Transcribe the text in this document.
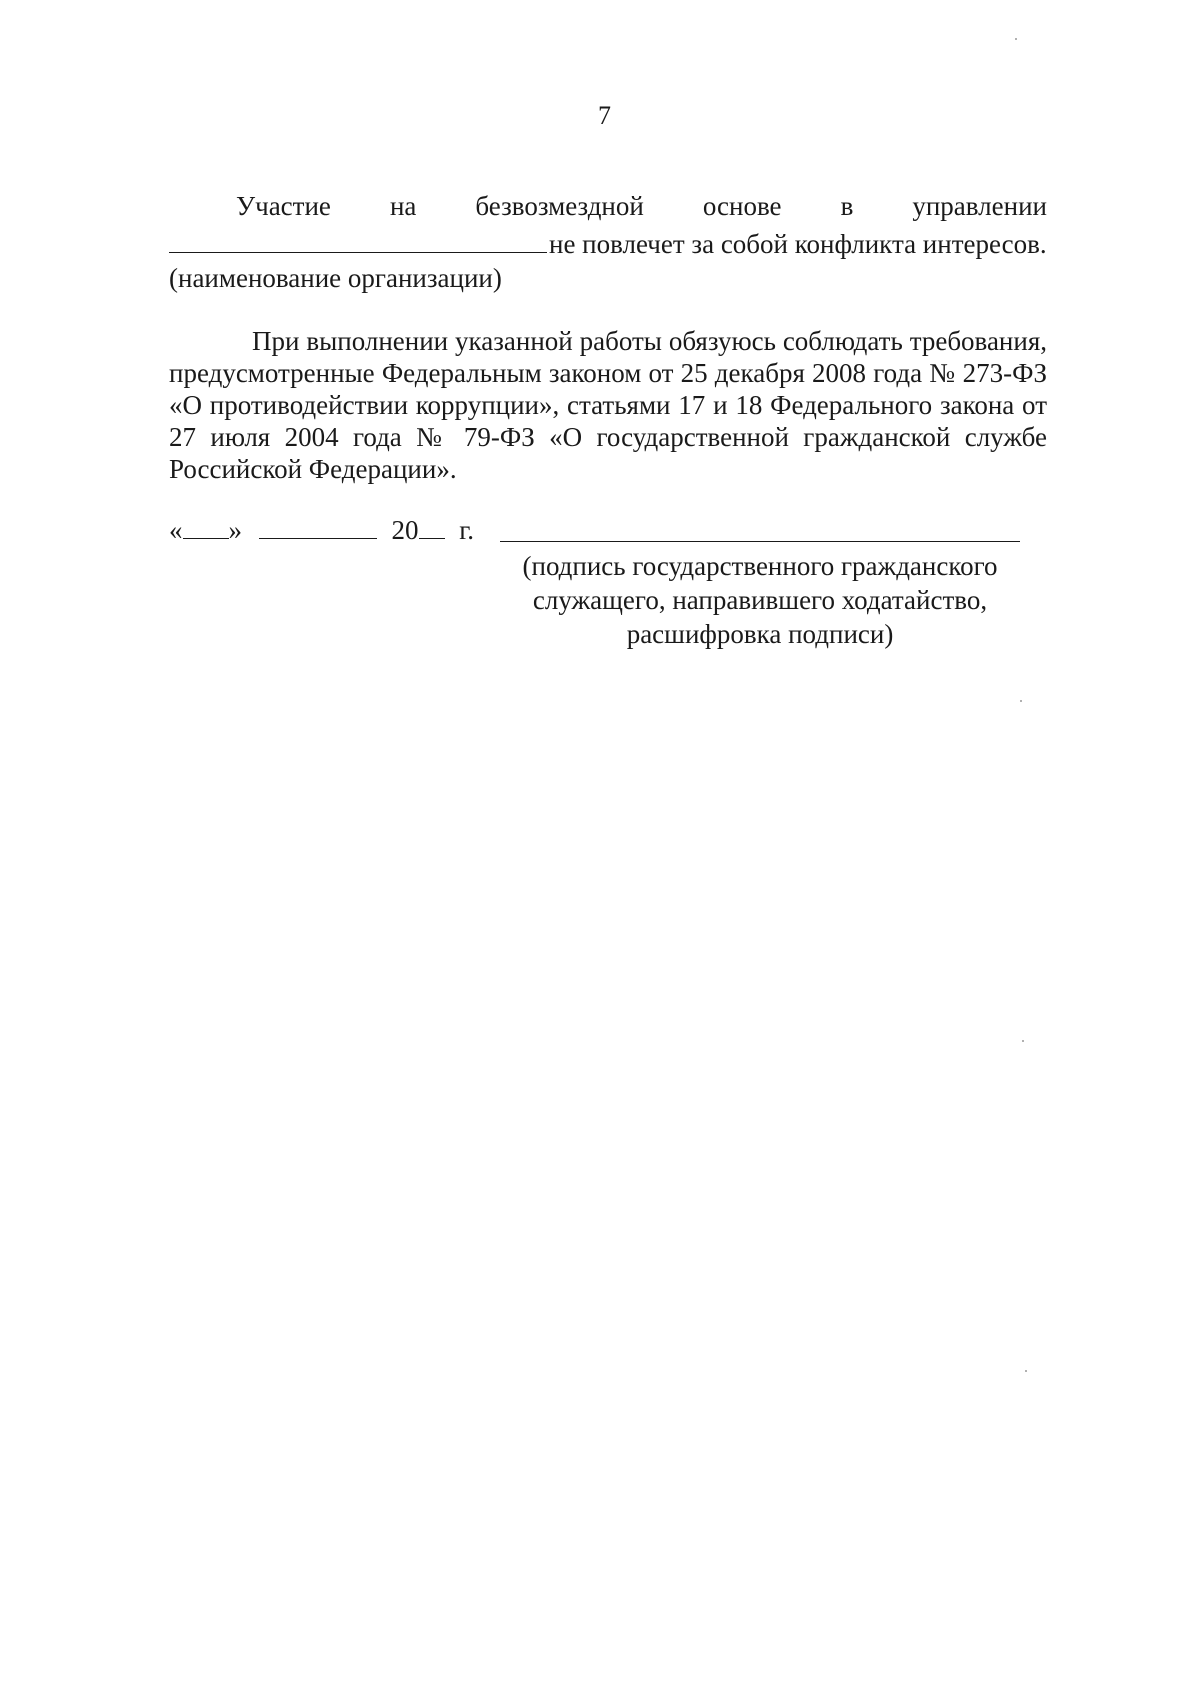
7
Участие на безвозмездной основе в управлении
не повлечет за собой конфликта интересов.
(наименование организации)

При выполнении указанной работы обязуюсь соблюдать требования, предусмотренные Федеральным законом от 25 декабря 2008 года № 273-ФЗ «О противодействии коррупции», статьями 17 и 18 Федерального закона от 27 июля 2004 года № 79-ФЗ «О государственной гражданской службе Российской Федерации».

« »	20 г.
(подпись государственного гражданского
служащего, направившего ходатайство,
расшифровка подписи)
